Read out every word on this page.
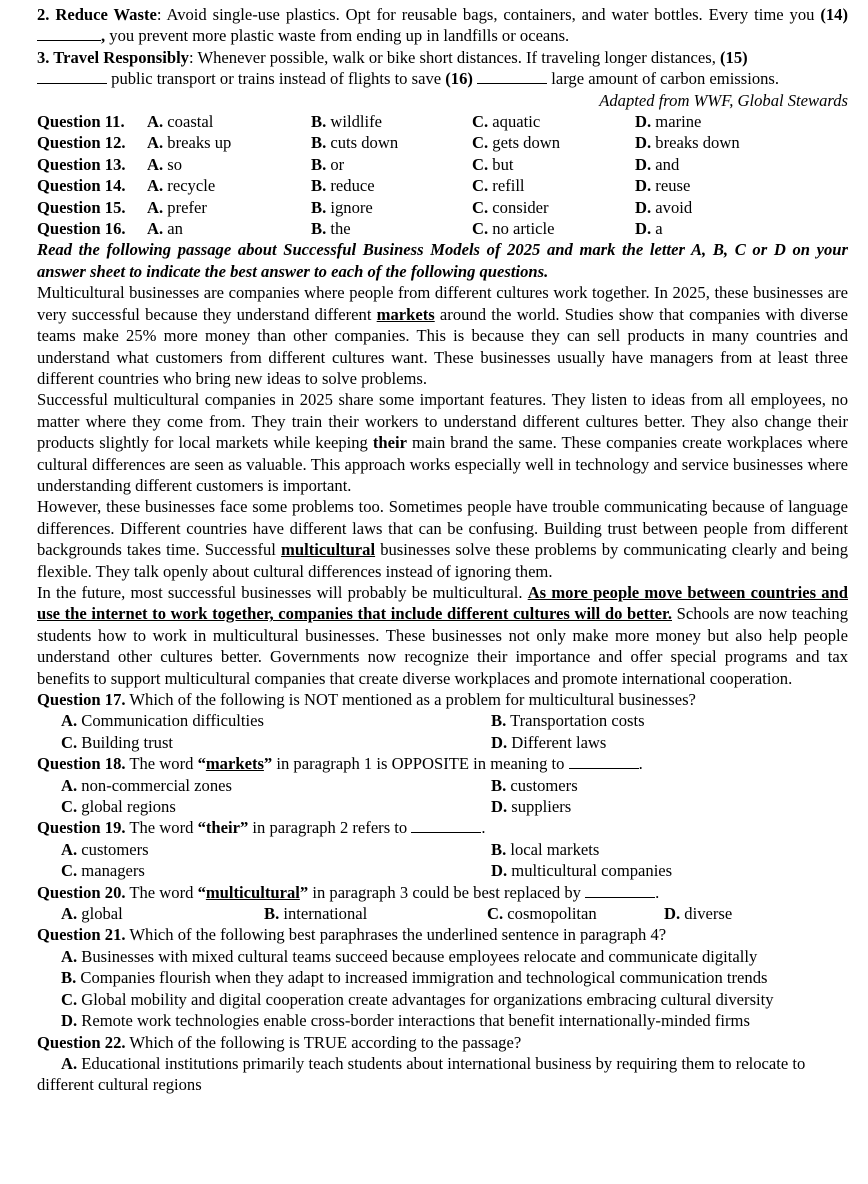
2. Reduce Waste: Avoid single-use plastics. Opt for reusable bags, containers, and water bottles. Every time you (14) , you prevent more plastic waste from ending up in landfills or oceans.
3. Travel Responsibly: Whenever possible, walk or bike short distances. If traveling longer distances, (15)
public transport or trains instead of flights to save (16)	large amount of carbon emissions.
Adapted from WWF, Global Stewards
Question 11.	A. coastal	B. wildlife	C. aquatic	D. marine
Question 12.	A. breaks up	B. cuts down	C. gets down	D. breaks down
Question 13.	A. so	B. or	C. but	D. and
Question 14.	A. recycle	B. reduce	C. refill	D. reuse
Question 15.	A. prefer	B. ignore	C. consider	D. avoid
Question 16.	A. an	B. the	C. no article	D. a
Read the following passage about Successful Business Models of 2025 and mark the letter A, B, C or D on your answer sheet to indicate the best answer to each of the following questions.
Multicultural businesses are companies where people from different cultures work together. In 2025, these businesses are very successful because they understand different markets around the world. Studies show that companies with diverse teams make 25% more money than other companies. This is because they can sell products in many countries and understand what customers from different cultures want. These businesses usually have managers from at least three different countries who bring new ideas to solve problems.
Successful multicultural companies in 2025 share some important features. They listen to ideas from all employees, no matter where they come from. They train their workers to understand different cultures better. They also change their products slightly for local markets while keeping their main brand the same. These companies create workplaces where cultural differences are seen as valuable. This approach works especially well in technology and service businesses where understanding different customers is important.
However, these businesses face some problems too. Sometimes people have trouble communicating because of language differences. Different countries have different laws that can be confusing. Building trust between people from different backgrounds takes time. Successful multicultural businesses solve these problems by communicating clearly and being flexible. They talk openly about cultural differences instead of ignoring them.
In the future, most successful businesses will probably be multicultural. As more people move between countries and use the internet to work together, companies that include different cultures will do better. Schools are now teaching students how to work in multicultural businesses. These businesses not only make more money but also help people understand other cultures better. Governments now recognize their importance and offer special programs and tax benefits to support multicultural companies that create diverse workplaces and promote international cooperation.
Question 17. Which of the following is NOT mentioned as a problem for multicultural businesses?
A. Communication difficulties	B. Transportation costs
C. Building trust	D. Different laws
Question 18. The word “markets” in paragraph 1 is OPPOSITE in meaning to	.
A. non-commercial zones	B. customers
C. global regions	D. suppliers
Question 19. The word “their” in paragraph 2 refers to	.
A. customers	B. local markets
C. managers	D. multicultural companies
Question 20. The word “multicultural” in paragraph 3 could be best replaced by	.
A. global	B. international	C. cosmopolitan	D. diverse
Question 21. Which of the following best paraphrases the underlined sentence in paragraph 4?
A. Businesses with mixed cultural teams succeed because employees relocate and communicate digitally
B. Companies flourish when they adapt to increased immigration and technological communication trends
C. Global mobility and digital cooperation create advantages for organizations embracing cultural diversity
D. Remote work technologies enable cross-border interactions that benefit internationally-minded firms
Question 22. Which of the following is TRUE according to the passage?
A. Educational institutions primarily teach students about international business by requiring them to relocate to different cultural regions
